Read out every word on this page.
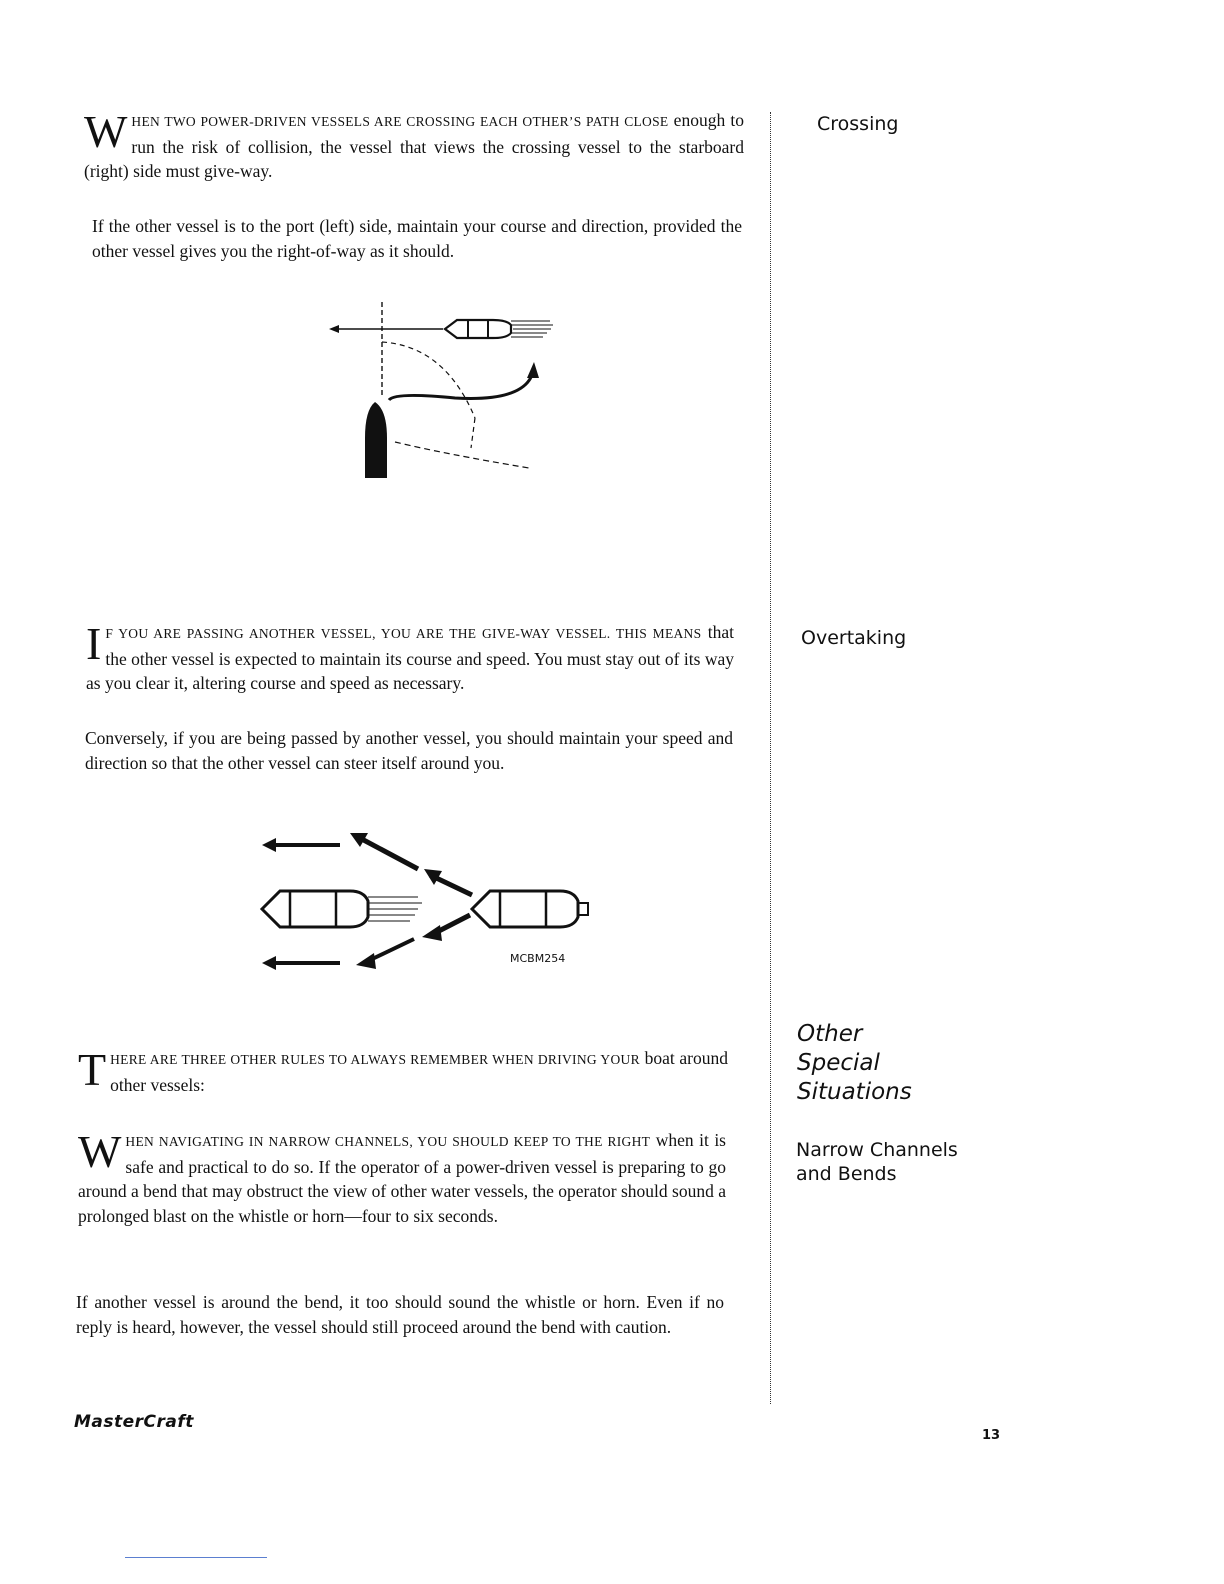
Crossing
Overtaking
Other
Special
Situations
Narrow Channels
and Bends

W HEN TWO POWER-DRIVEN VESSELS ARE CROSSING EACH OTHER’S PATH CLOSE enough to run the risk of collision, the vessel that views the crossing vessel to the starboard (right) side must give-way.

If the other vessel is to the port (left) side, maintain your course and direction, provided the other vessel gives you the right-of-way as it should.

I F YOU ARE PASSING ANOTHER VESSEL, YOU ARE THE GIVE-WAY VESSEL. THIS MEANS that the other vessel is expected to maintain its course and speed. You must stay out of its way as you clear it, altering course and speed as necessary.

Conversely, if you are being passed by another vessel, you should maintain your speed and direction so that the other vessel can steer itself around you.

MCBM254

T HERE ARE THREE OTHER RULES TO ALWAYS REMEMBER WHEN DRIVING YOUR boat around other vessels:

W HEN NAVIGATING IN NARROW CHANNELS, YOU SHOULD KEEP TO THE RIGHT when it is safe and practical to do so. If the operator of a power-driven vessel is preparing to go around a bend that may obstruct the view of other water vessels, the operator should sound a prolonged blast on the whistle or horn—four to six seconds.

If another vessel is around the bend, it too should sound the whistle or horn. Even if no reply is heard, however, the vessel should still proceed around the bend with caution.

MasterCraft
13
